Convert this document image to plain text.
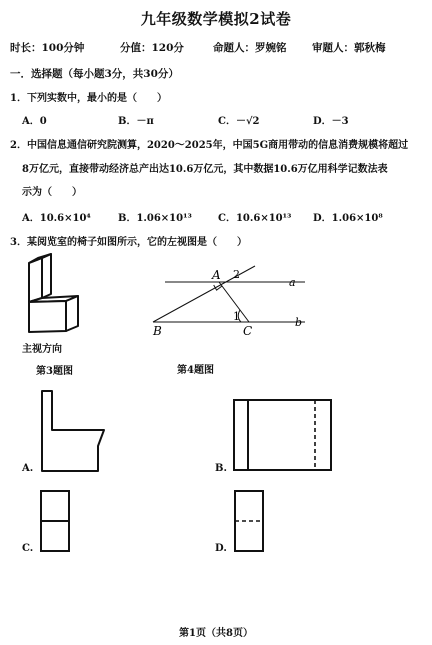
九年级数学模拟2试卷
时长：100分钟	分值：120分	命题人：罗婉铭 审题人：郭秋梅
一．选择题（每小题3分，共30分）
1．下列实数中，最小的是（　　）
A．0	B．－π	C．－√2	D．－3
2．中国信息通信研究院测算，2020～2025年，中国5G商用带动的信息消费规模将超过
8万亿元，直接带动经济总产出达10.6万亿元，其中数据10.6万亿用科学记数法表
示为（　　）
A．10.6×10⁴	B．1.06×10¹³	C．10.6×10¹³ D．1.06×10⁸
3．某阅览室的椅子如图所示，它的左视图是（　　）
主视方向
第3题图
A 2
a
B
1
C
b
第4题图
A.	B.
C.	D.
第1页（共8页）
